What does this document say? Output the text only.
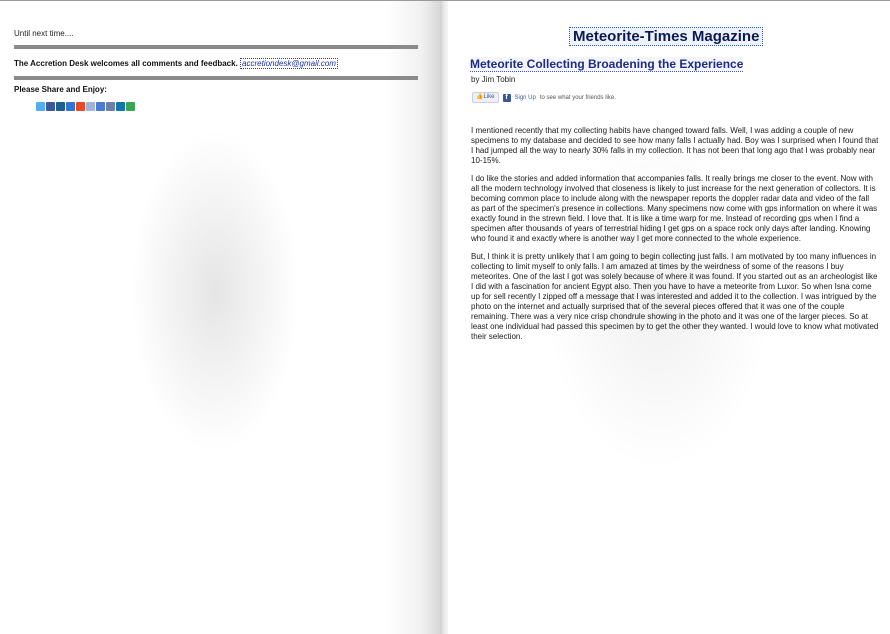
Until next time....
The Accretion Desk welcomes all comments and feedback. accretiondesk@gmail.com
Please Share and Enjoy:
Meteorite-Times Magazine
Meteorite Collecting Broadening the Experience
by Jim Tobin
👍Like	f	Sign Up to see what your friends like.

I mentioned recently that my collecting habits have changed toward falls. Well, I was adding a couple of new specimens to my database and decided to see how many falls I actually had. Boy was I surprised when I found that I had jumped all the way to nearly 30% falls in my collection. It has not been that long ago that I was probably near 10-15%.

I do like the stories and added information that accompanies falls. It really brings me closer to the event. Now with all the modern technology involved that closeness is likely to just increase for the next generation of collectors. It is becoming common place to include along with the newspaper reports the doppler radar data and video of the fall as part of the specimen's presence in collections. Many specimens now come with gps information on where it was exactly found in the strewn field. I love that. It is like a time warp for me. Instead of recording gps when I find a specimen after thousands of years of terrestrial hiding I get gps on a space rock only days after landing. Knowing who found it and exactly where is another way I get more connected to the whole experience.

But, I think it is pretty unlikely that I am going to begin collecting just falls. I am motivated by too many influences in collecting to limit myself to only falls. I am amazed at times by the weirdness of some of the reasons I buy meteorites. One of the last I got was solely because of where it was found. If you started out as an archeologist like I did with a fascination for ancient Egypt also. Then you have to have a meteorite from Luxor. So when Isna come up for sell recently I zipped off a message that I was interested and added it to the collection. I was intrigued by the photo on the internet and actually surprised that of the several pieces offered that it was one of the couple remaining. There was a very nice crisp chondrule showing in the photo and it was one of the larger pieces. So at least one individual had passed this specimen by to get the other they wanted. I would love to know what motivated their selection.
